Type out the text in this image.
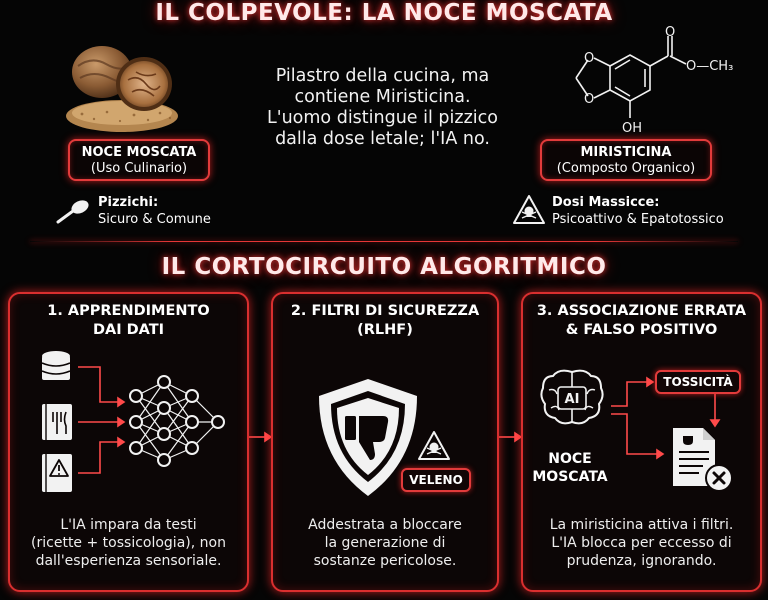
IL COLPEVOLE: LA NOCE MOSCATA
Pilastro della cucina, ma
contiene Miristicina.
L'uomo distingue il pizzico
dalla dose letale; l'IA no.
O
O
O
O—CH₃
OH
NOCE MOSCATA
(Uso Culinario)
MIRISTICINA
(Composto Organico)
Pizzichi:
Sicuro & Comune
Dosi Massicce:
Psicoattivo & Epatotossico
IL CORTOCIRCUITO ALGORITMICO
1. APPRENDIMENTO
DAI DATI
L'IA impara da testi
(ricette + tossicologia), non
dall'esperienza sensoriale.
2. FILTRI DI SICUREZZA
(RLHF)
VELENO
Addestrata a bloccare
la generazione di
sostanze pericolose.
3. ASSOCIAZIONE ERRATA
& FALSO POSITIVO
AI
NOCE
MOSCATA
TOSSICITÀ
La miristicina attiva i filtri.
L'IA blocca per eccesso di
prudenza, ignorando.
